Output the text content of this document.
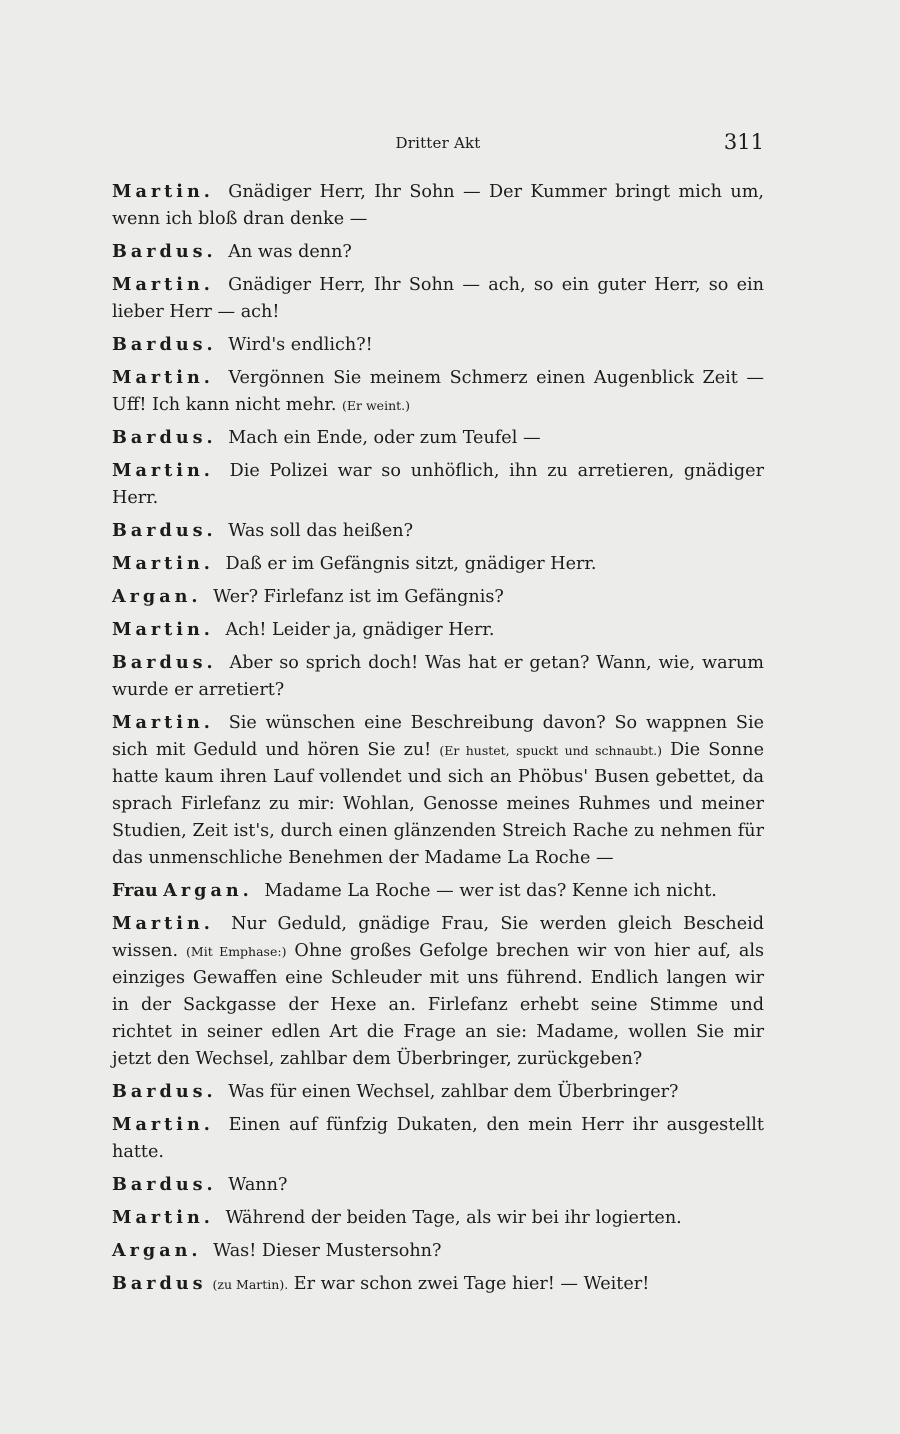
Dritter Akt	311

Martin. Gnädiger Herr, Ihr Sohn — Der Kummer bringt mich um, wenn ich bloß dran denke —

Bardus. An was denn?

Martin. Gnädiger Herr, Ihr Sohn — ach, so ein guter Herr, so ein lieber Herr — ach!

Bardus. Wird's endlich?!

Martin. Vergönnen Sie meinem Schmerz einen Augenblick Zeit — Uff! Ich kann nicht mehr. (Er weint.)

Bardus. Mach ein Ende, oder zum Teufel —

Martin. Die Polizei war so unhöflich, ihn zu arretieren, gnädiger Herr.

Bardus. Was soll das heißen?

Martin. Daß er im Gefängnis sitzt, gnädiger Herr.

Argan. Wer? Firlefanz ist im Gefängnis?

Martin. Ach! Leider ja, gnädiger Herr.

Bardus. Aber so sprich doch! Was hat er getan? Wann, wie, warum wurde er arretiert?

Martin. Sie wünschen eine Beschreibung davon? So wappnen Sie sich mit Geduld und hören Sie zu! (Er hustet, spuckt und schnaubt.) Die Sonne hatte kaum ihren Lauf vollendet und sich an Phöbus' Busen gebettet, da sprach Firlefanz zu mir: Wohlan, Genosse meines Ruhmes und meiner Studien, Zeit ist's, durch einen glänzenden Streich Rache zu nehmen für das unmenschliche Benehmen der Madame La Roche —

Frau Argan. Madame La Roche — wer ist das? Kenne ich nicht.

Martin. Nur Geduld, gnädige Frau, Sie werden gleich Bescheid wissen. (Mit Emphase:) Ohne großes Gefolge brechen wir von hier auf, als einziges Gewaffen eine Schleuder mit uns führend. Endlich langen wir in der Sackgasse der Hexe an. Firlefanz erhebt seine Stimme und richtet in seiner edlen Art die Frage an sie: Madame, wollen Sie mir jetzt den Wechsel, zahlbar dem Überbringer, zurückgeben?

Bardus. Was für einen Wechsel, zahlbar dem Überbringer?

Martin. Einen auf fünfzig Dukaten, den mein Herr ihr ausgestellt hatte.

Bardus. Wann?

Martin. Während der beiden Tage, als wir bei ihr logierten.

Argan. Was! Dieser Mustersohn?

Bardus (zu Martin). Er war schon zwei Tage hier! — Weiter!
